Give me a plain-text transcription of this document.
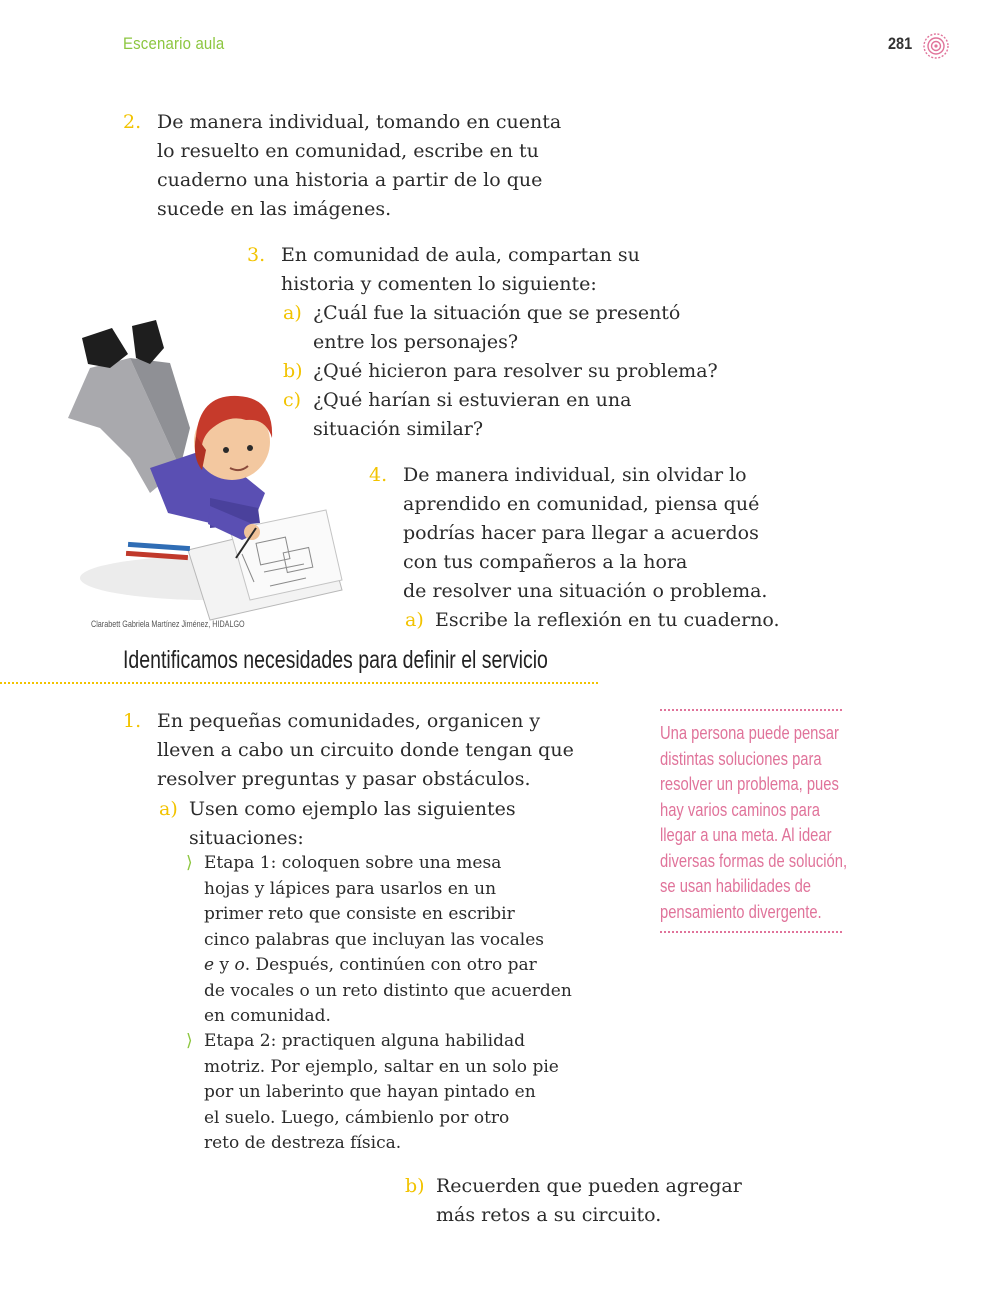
Escenario aula	281
2. De manera individual, tomando en cuenta
lo resuelto en comunidad, escribe en tu
cuaderno una historia a partir de lo que
sucede en las imágenes.
3. En comunidad de aula, compartan su
historia y comenten lo siguiente:
a) ¿Cuál fue la situación que se presentó
entre los personajes?
b) ¿Qué hicieron para resolver su problema?
c) ¿Qué harían si estuvieran en una
situación similar?
Clarabett Gabriela Martínez Jiménez, HIDALGO
4. De manera individual, sin olvidar lo
aprendido en comunidad, piensa qué
podrías hacer para llegar a acuerdos
con tus compañeros a la hora
de resolver una situación o problema.
a) Escribe la reflexión en tu cuaderno.
Identificamos necesidades para definir el servicio
1. En pequeñas comunidades, organicen y
lleven a cabo un circuito donde tengan que
resolver preguntas y pasar obstáculos.
a) Usen como ejemplo las siguientes
situaciones:
⟩ Etapa 1: coloquen sobre una mesa
hojas y lápices para usarlos en un
primer reto que consiste en escribir
cinco palabras que incluyan las vocales
e y o. Después, continúen con otro par
de vocales o un reto distinto que acuerden
en comunidad.
⟩ Etapa 2: practiquen alguna habilidad
motriz. Por ejemplo, saltar en un solo pie
por un laberinto que hayan pintado en
el suelo. Luego, cámbienlo por otro
reto de destreza física.
b) Recuerden que pueden agregar
más retos a su circuito.
Una persona puede pensar
distintas soluciones para
resolver un problema, pues
hay varios caminos para
llegar a una meta. Al idear
diversas formas de solución,
se usan habilidades de
pensamiento divergente.
